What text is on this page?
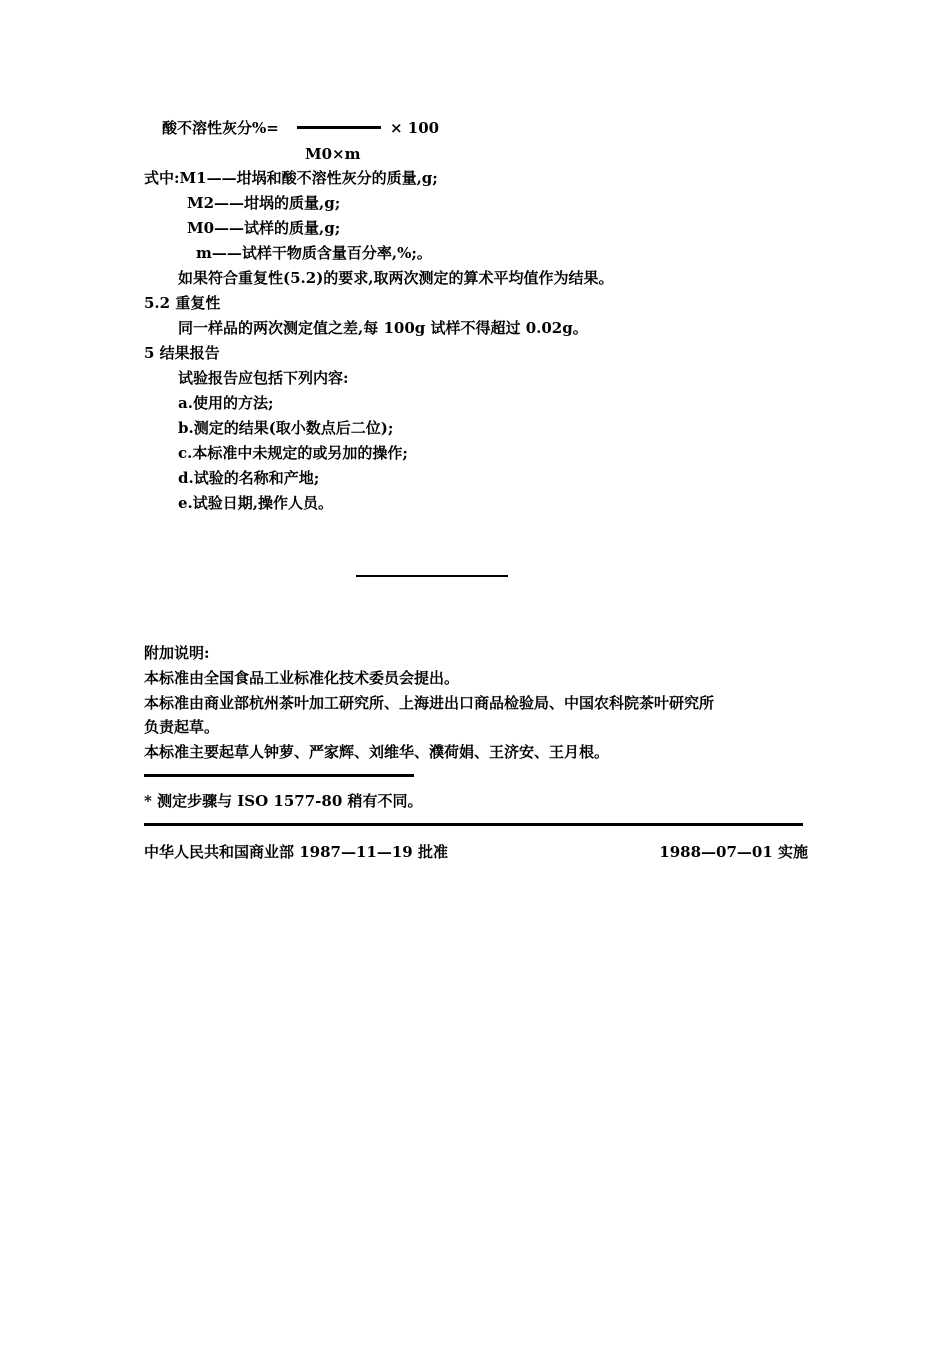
酸不溶性灰分%=	× 100
M0×m
式中:M1——坩埚和酸不溶性灰分的质量,g;
M2——坩埚的质量,g;
M0——试样的质量,g;
m——试样干物质含量百分率,%;。
如果符合重复性(5.2)的要求,取两次测定的算术平均值作为结果。
5.2 重复性
同一样品的两次测定值之差,每 100g 试样不得超过 0.02g。
5 结果报告
试验报告应包括下列内容:
a.使用的方法;
b.测定的结果(取小数点后二位);
c.本标准中未规定的或另加的操作;
d.试验的名称和产地;
e.试验日期,操作人员。
附加说明:
本标准由全国食品工业标准化技术委员会提出。
本标准由商业部杭州茶叶加工研究所、上海进出口商品检验局、中国农科院茶叶研究所
负责起草。
本标准主要起草人钟萝、严家辉、刘维华、濮荷娟、王济安、王月根。
* 测定步骤与 ISO 1577-80 稍有不同。
中华人民共和国商业部 1987—11—19 批准	1988—07—01 实施
